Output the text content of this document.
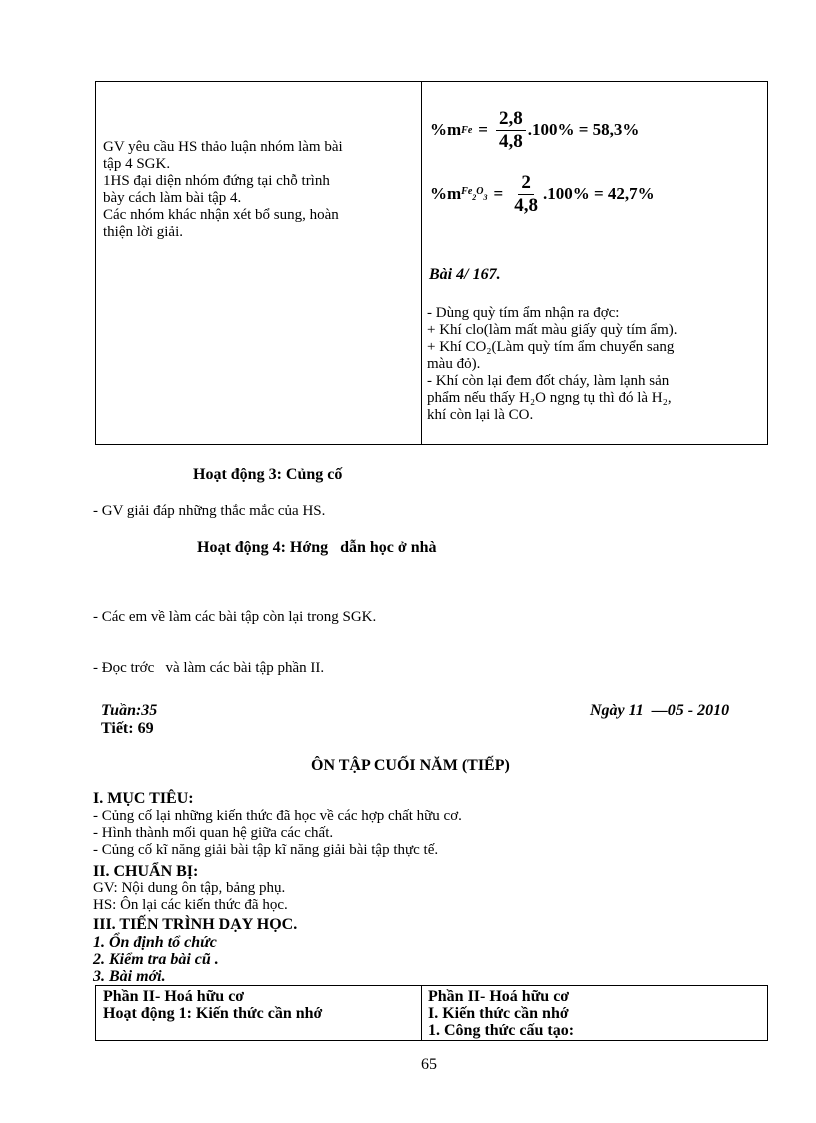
GV yêu cầu HS thảo luận nhóm làm bài
tập 4 SGK.
1HS đại diện nhóm đứng tại chỗ trình
bày cách làm bài tập 4.
Các nhóm khác nhận xét bổ sung, hoàn
thiện lời giải.
%m $Fe = \frac{2,8}{4,8} .100\% = 58,3\%$
%m $Fe_2O_3 = \frac{2}{4,8} .100\% = 42,7\%$
Bài 4/ 167.
- Dùng quỳ tím ẩm nhận ra đợc:
+ Khí clo(làm mất màu giấy quỳ tím ẩm).
+ Khí CO₂(Làm quỳ tím ẩm chuyển sang
màu đỏ).
- Khí còn lại đem đốt cháy, làm lạnh sản
phẩm nếu thấy H₂O ngng tụ thì đó là H₂,
khí còn lại là CO.
Hoạt động 3: Củng cố
- GV giải đáp những thắc mắc của HS.
Hoạt động 4: Hớng   dẫn học ở nhà

- Các em về làm các bài tập còn lại trong SGK.

- Đọc trớc   và làm các bài tập phần II.

Tuần:35
Tiết: 69
Ngày 11  —05 - 2010
ÔN TẬP CUỐI NĂM (TIẾP)
I. MỤC TIÊU:
- Củng cố lại những kiến thức đã học về các hợp chất hữu cơ.
- Hình thành mối quan hệ giữa các chất.
- Củng cố kĩ năng giải bài tập kĩ năng giải bài tập thực tế.
II. CHUẨN BỊ:
GV: Nội dung ôn tập, bảng phụ.
HS: Ôn lại các kiến thức đã học.
III. TIẾN TRÌNH DẠY HỌC.
1. Ổn định tổ chức
2. Kiểm tra bài cũ .
3. Bài mới.
Phần II- Hoá hữu cơ
Hoạt động 1: Kiến thức cần nhớ
Phần II- Hoá hữu cơ
I. Kiến thức cần nhớ
1. Công thức cấu tạo:
65
